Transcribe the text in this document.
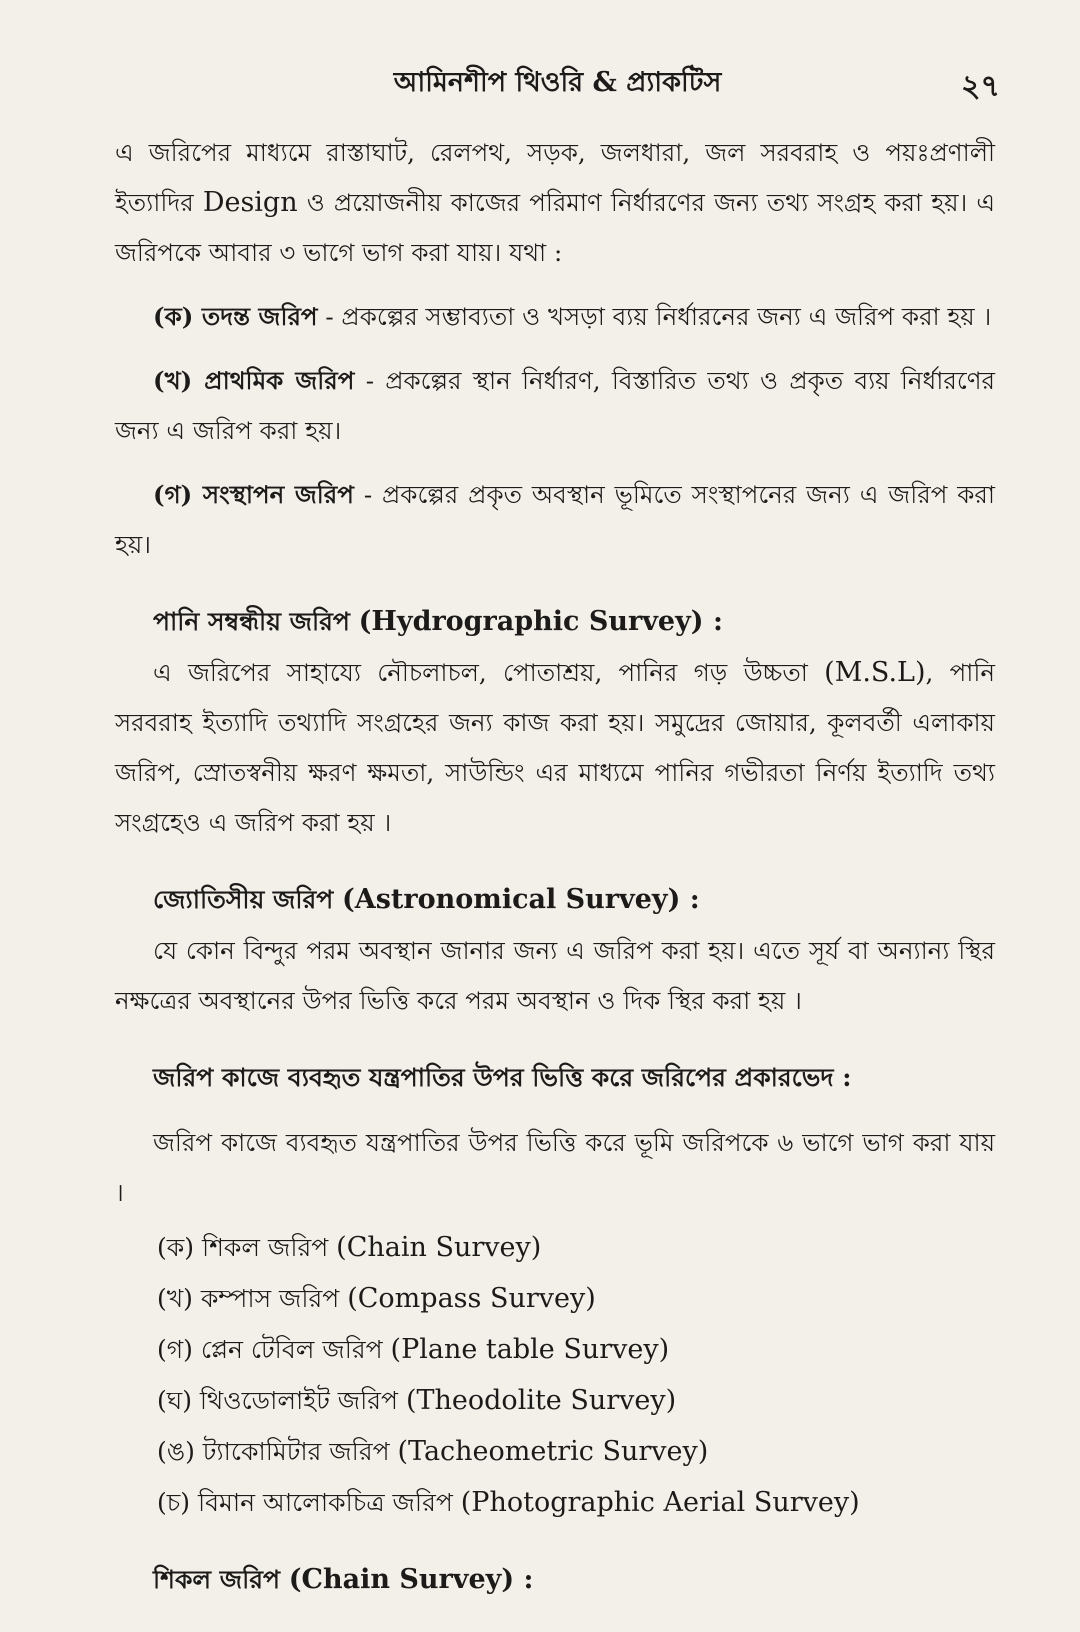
আমিনশীপ থিওরি & প্র্যাকটিস	২৭

এ জরিপের মাধ্যমে রাস্তাঘাট, রেলপথ, সড়ক, জলধারা, জল সরবরাহ ও পয়ঃপ্রণালী ইত্যাদির Design ও প্রয়োজনীয় কাজের পরিমাণ নির্ধারণের জন্য তথ্য সংগ্রহ করা হয়। এ জরিপকে আবার ৩ ভাগে ভাগ করা যায়। যথা :

(ক) তদন্ত জরিপ - প্রকল্পের সম্ভাব্যতা ও খসড়া ব্যয় নির্ধারনের জন্য এ জরিপ করা হয় ।

(খ) প্রাথমিক জরিপ - প্রকল্পের স্থান নির্ধারণ, বিস্তারিত তথ্য ও প্রকৃত ব্যয় নির্ধারণের জন্য এ জরিপ করা হয়।

(গ) সংস্থাপন জরিপ - প্রকল্পের প্রকৃত অবস্থান ভূমিতে সংস্থাপনের জন্য এ জরিপ করা হয়।

পানি সম্বন্ধীয় জরিপ (Hydrographic Survey) :

এ জরিপের সাহায্যে নৌচলাচল, পোতাশ্রয়, পানির গড় উচ্চতা (M.S.L), পানি সরবরাহ ইত্যাদি তথ্যাদি সংগ্রহের জন্য কাজ করা হয়। সমুদ্রের জোয়ার, কূলবর্তী এলাকায় জরিপ, স্রোতস্বনীয় ক্ষরণ ক্ষমতা, সাউন্ডিং এর মাধ্যমে পানির গভীরতা নির্ণয় ইত্যাদি তথ্য সংগ্রহেও এ জরিপ করা হয় ।

জ্যোতিসীয় জরিপ (Astronomical Survey) :

যে কোন বিন্দুর পরম অবস্থান জানার জন্য এ জরিপ করা হয়। এতে সূর্য বা অন্যান্য স্থির নক্ষত্রের অবস্থানের উপর ভিত্তি করে পরম অবস্থান ও দিক স্থির করা হয় ।

জরিপ কাজে ব্যবহৃত যন্ত্রপাতির উপর ভিত্তি করে জরিপের প্রকারভেদ :

জরিপ কাজে ব্যবহৃত যন্ত্রপাতির উপর ভিত্তি করে ভূমি জরিপকে ৬ ভাগে ভাগ করা যায় ।

(ক) শিকল জরিপ (Chain Survey)
(খ) কম্পাস জরিপ (Compass Survey)
(গ) প্লেন টেবিল জরিপ (Plane table Survey)
(ঘ) থিওডোলাইট জরিপ (Theodolite Survey)
(ঙ) ট্যাকোমিটার জরিপ (Tacheometric Survey)
(চ) বিমান আলোকচিত্র জরিপ (Photographic Aerial Survey)
শিকল জরিপ (Chain Survey) :
